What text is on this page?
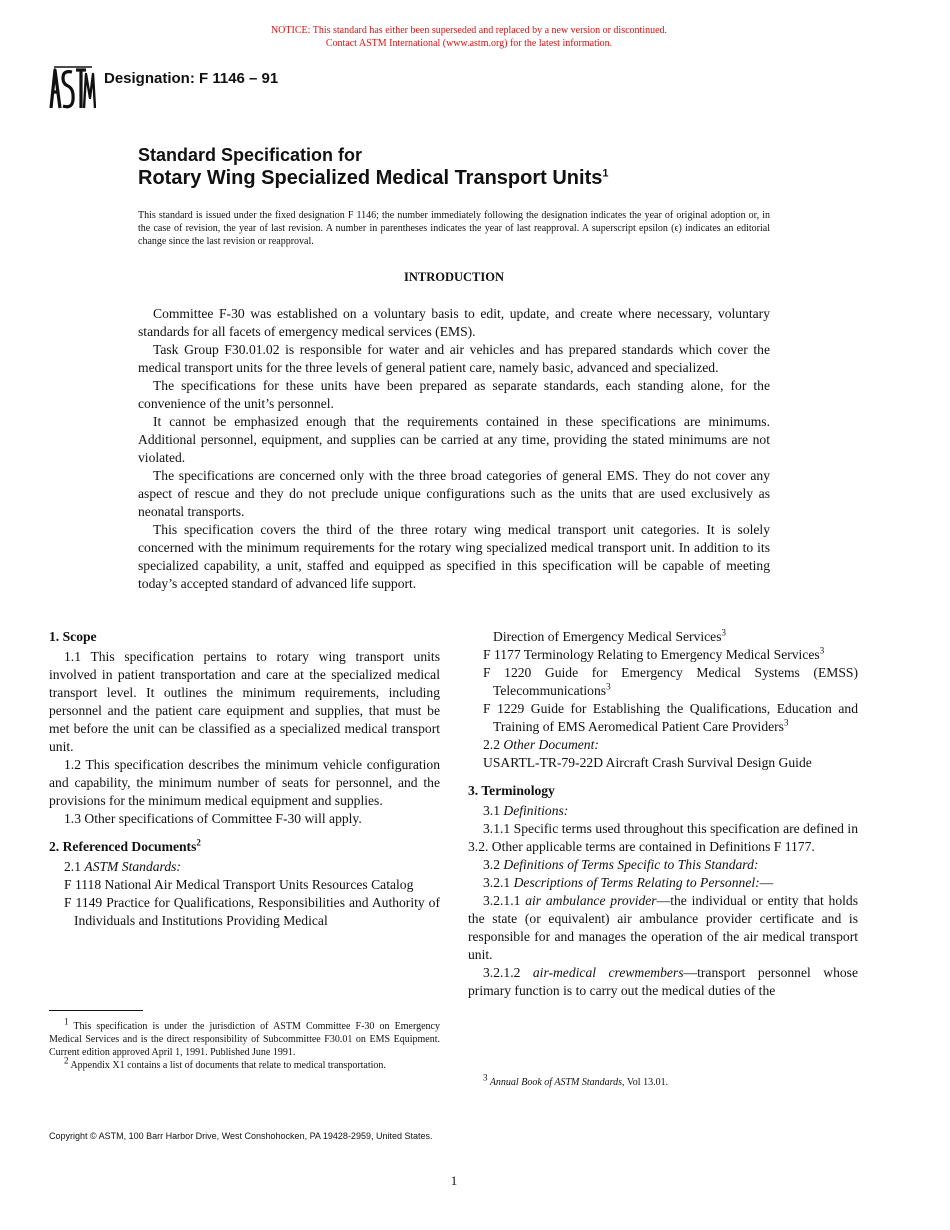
NOTICE: This standard has either been superseded and replaced by a new version or discontinued.
Contact ASTM International (www.astm.org) for the latest information.
Designation: F 1146 – 91
Standard Specification for
Rotary Wing Specialized Medical Transport Units$^1$
This standard is issued under the fixed designation F 1146; the number immediately following the designation indicates the year of original adoption or, in the case of revision, the year of last revision. A number in parentheses indicates the year of last reapproval. A superscript epsilon (ϵ) indicates an editorial change since the last revision or reapproval.
INTRODUCTION

Committee F-30 was established on a voluntary basis to edit, update, and create where necessary, voluntary standards for all facets of emergency medical services (EMS).

Task Group F30.01.02 is responsible for water and air vehicles and has prepared standards which cover the medical transport units for the three levels of general patient care, namely basic, advanced and specialized.

The specifications for these units have been prepared as separate standards, each standing alone, for the convenience of the unit’s personnel.

It cannot be emphasized enough that the requirements contained in these specifications are minimums. Additional personnel, equipment, and supplies can be carried at any time, providing the stated minimums are not violated.

The specifications are concerned only with the three broad categories of general EMS. They do not cover any aspect of rescue and they do not preclude unique configurations such as the units that are used exclusively as neonatal transports.

This specification covers the third of the three rotary wing medical transport unit categories. It is solely concerned with the minimum requirements for the rotary wing specialized medical transport unit. In addition to its specialized capability, a unit, staffed and equipped as specified in this specification will be capable of meeting today’s accepted standard of advanced life support.

1. Scope

1.1 This specification pertains to rotary wing transport units involved in patient transportation and care at the specialized medical transport level. It outlines the minimum requirements, including personnel and the patient care equipment and supplies, that must be met before the unit can be classified as a specialized medical transport unit.

1.2 This specification describes the minimum vehicle configuration and capability, the minimum number of seats for personnel, and the provisions for the minimum medical equipment and supplies.

1.3 Other specifications of Committee F-30 will apply.

2. Referenced Documents$^2$

2.1 ASTM Standards:

F 1118 National Air Medical Transport Units Resources Catalog

F 1149 Practice for Qualifications, Responsibilities and Authority of Individuals and Institutions Providing Medical

Direction of Emergency Medical Services$^3$

F 1177 Terminology Relating to Emergency Medical Services$^3$

F 1220 Guide for Emergency Medical Systems (EMSS) Telecommunications$^3$

F 1229 Guide for Establishing the Qualifications, Education and Training of EMS Aeromedical Patient Care Providers$^3$

2.2 Other Document:

USARTL-TR-79-22D Aircraft Crash Survival Design Guide

3. Terminology

3.1 Definitions:

3.1.1 Specific terms used throughout this specification are defined in 3.2. Other applicable terms are contained in Definitions F 1177.

3.2 Definitions of Terms Specific to This Standard:

3.2.1 Descriptions of Terms Relating to Personnel:—

3.2.1.1 air ambulance provider—the individual or entity that holds the state (or equivalent) air ambulance provider certificate and is responsible for and manages the operation of the air medical transport unit.

3.2.1.2 air-medical crewmembers—transport personnel whose primary function is to carry out the medical duties of the

$^1$ This specification is under the jurisdiction of ASTM Committee F-30 on Emergency Medical Services and is the direct responsibility of Subcommittee F30.01 on EMS Equipment. Current edition approved April 1, 1991. Published June 1991.

$^2$ Appendix X1 contains a list of documents that relate to medical transportation.

$^3$ Annual Book of ASTM Standards, Vol 13.01.

Copyright © ASTM, 100 Barr Harbor Drive, West Conshohocken, PA 19428-2959, United States.
1
